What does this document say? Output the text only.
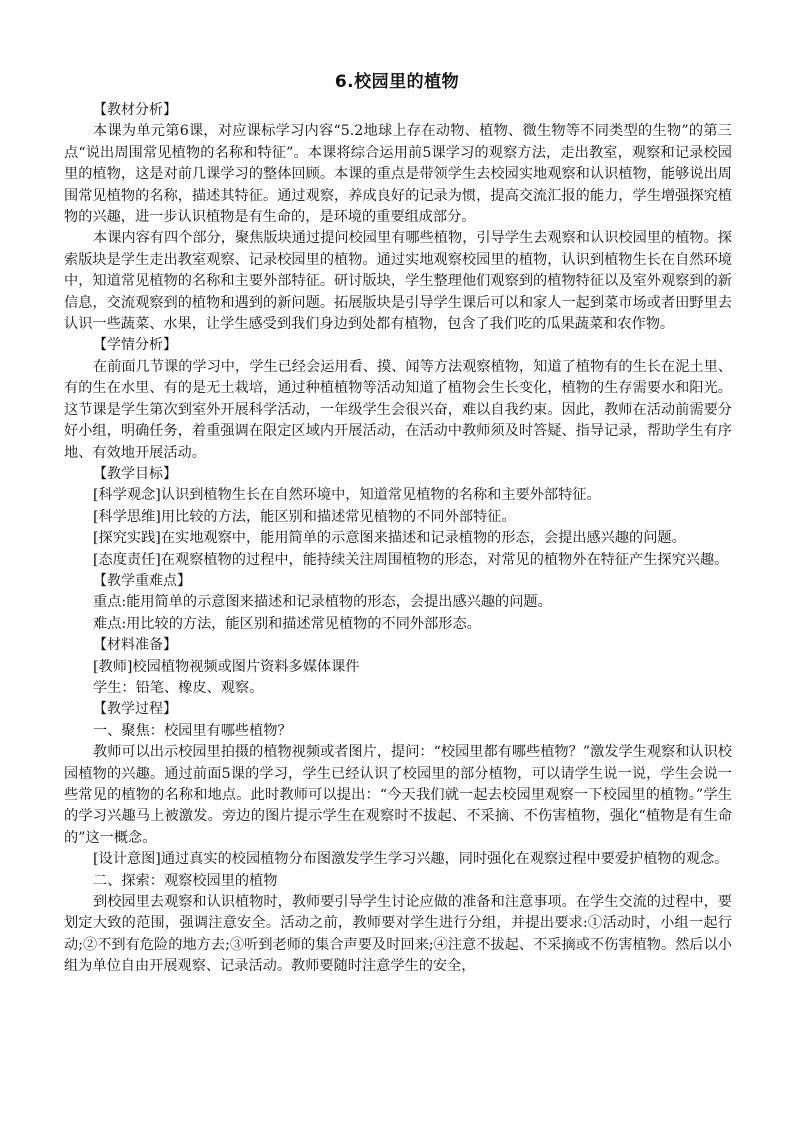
6.校园里的植物

【教材分析】

本课为单元第6课，对应课标学习内容“5.2地球上存在动物、植物、微生物等不同类型的生物”的第三点“说出周围常见植物的名称和特征”。本课将综合运用前5课学习的观察方法，走出教室，观察和记录校园里的植物，这是对前几课学习的整体回顾。本课的重点是带领学生去校园实地观察和认识植物，能够说出周围常见植物的名称，描述其特征。通过观察，养成良好的记录为惯，提高交流汇报的能力，学生增强探究植物的兴趣，进一步认识植物是有生命的，是环境的重要组成部分。

本课内容有四个部分，聚焦版块通过提问校园里有哪些植物，引导学生去观察和认识校园里的植物。探索版块是学生走出教室观察、记录校园里的植物。通过实地观察校园里的植物，认识到植物生长在自然环境中，知道常见植物的名称和主要外部特征。研讨版块，学生整理他们观察到的植物特征以及室外观察到的新信息，交流观察到的植物和遇到的新问题。拓展版块是引导学生课后可以和家人一起到菜市场或者田野里去认识一些蔬菜、水果，让学生感受到我们身边到处都有植物，包含了我们吃的瓜果蔬菜和农作物。

【学情分析】

在前面几节课的学习中，学生已经会运用看、摸、闻等方法观察植物，知道了植物有的生长在泥土里、有的生在水里、有的是无土栽培，通过种植植物等活动知道了植物会生长变化，植物的生存需要水和阳光。这节课是学生第次到室外开展科学活动，一年级学生会很兴奋，难以自我约束。因此，教师在活动前需要分好小组，明确任务，着重强调在限定区域内开展活动，在活动中教师须及时答疑、指导记录，帮助学生有序地、有效地开展活动。

【教学目标】

[科学观念]认识到植物生长在自然环境中，知道常见植物的名称和主要外部特征。

[科学思维]用比较的方法，能区别和描述常见植物的不同外部特征。

[探究实践]在实地观察中，能用简单的示意图来描述和记录植物的形态，会提出感兴趣的问题。

[态度责任]在观察植物的过程中，能持续关注周围植物的形态，对常见的植物外在特征产生探究兴趣。

【教学重难点】

重点:能用简单的示意图来描述和记录植物的形态，会提出感兴趣的问题。

难点:用比较的方法，能区别和描述常见植物的不同外部形态。

【材料准备】

[教师]校园植物视频或图片资料多媒体课件

学生：铅笔、橡皮、观察。

【教学过程】

一、聚焦：校园里有哪些植物？

教师可以出示校园里拍摄的植物视频或者图片，提问：“校园里都有哪些植物？”激发学生观察和认识校园植物的兴趣。通过前面5课的学习，学生已经认识了校园里的部分植物，可以请学生说一说，学生会说一些常见的植物的名称和地点。此时教师可以提出：“今天我们就一起去校园里观察一下校园里的植物。”学生的学习兴趣马上被激发。旁边的图片提示学生在观察时不拔起、不采摘、不伤害植物，强化“植物是有生命的”这一概念。

[设计意图]通过真实的校园植物分布图激发学生学习兴趣，同时强化在观察过程中要爱护植物的观念。

二、探索：观察校园里的植物

到校园里去观察和认识植物时，教师要引导学生讨论应做的准备和注意事项。在学生交流的过程中，要划定大致的范围，强调注意安全。活动之前，教师要对学生进行分组，并提出要求:①活动时，小组一起行动;②不到有危险的地方去;③听到老师的集合声要及时回来;④注意不拔起、不采摘或不伤害植物。然后以小组为单位自由开展观察、记录活动。教师要随时注意学生的安全，
